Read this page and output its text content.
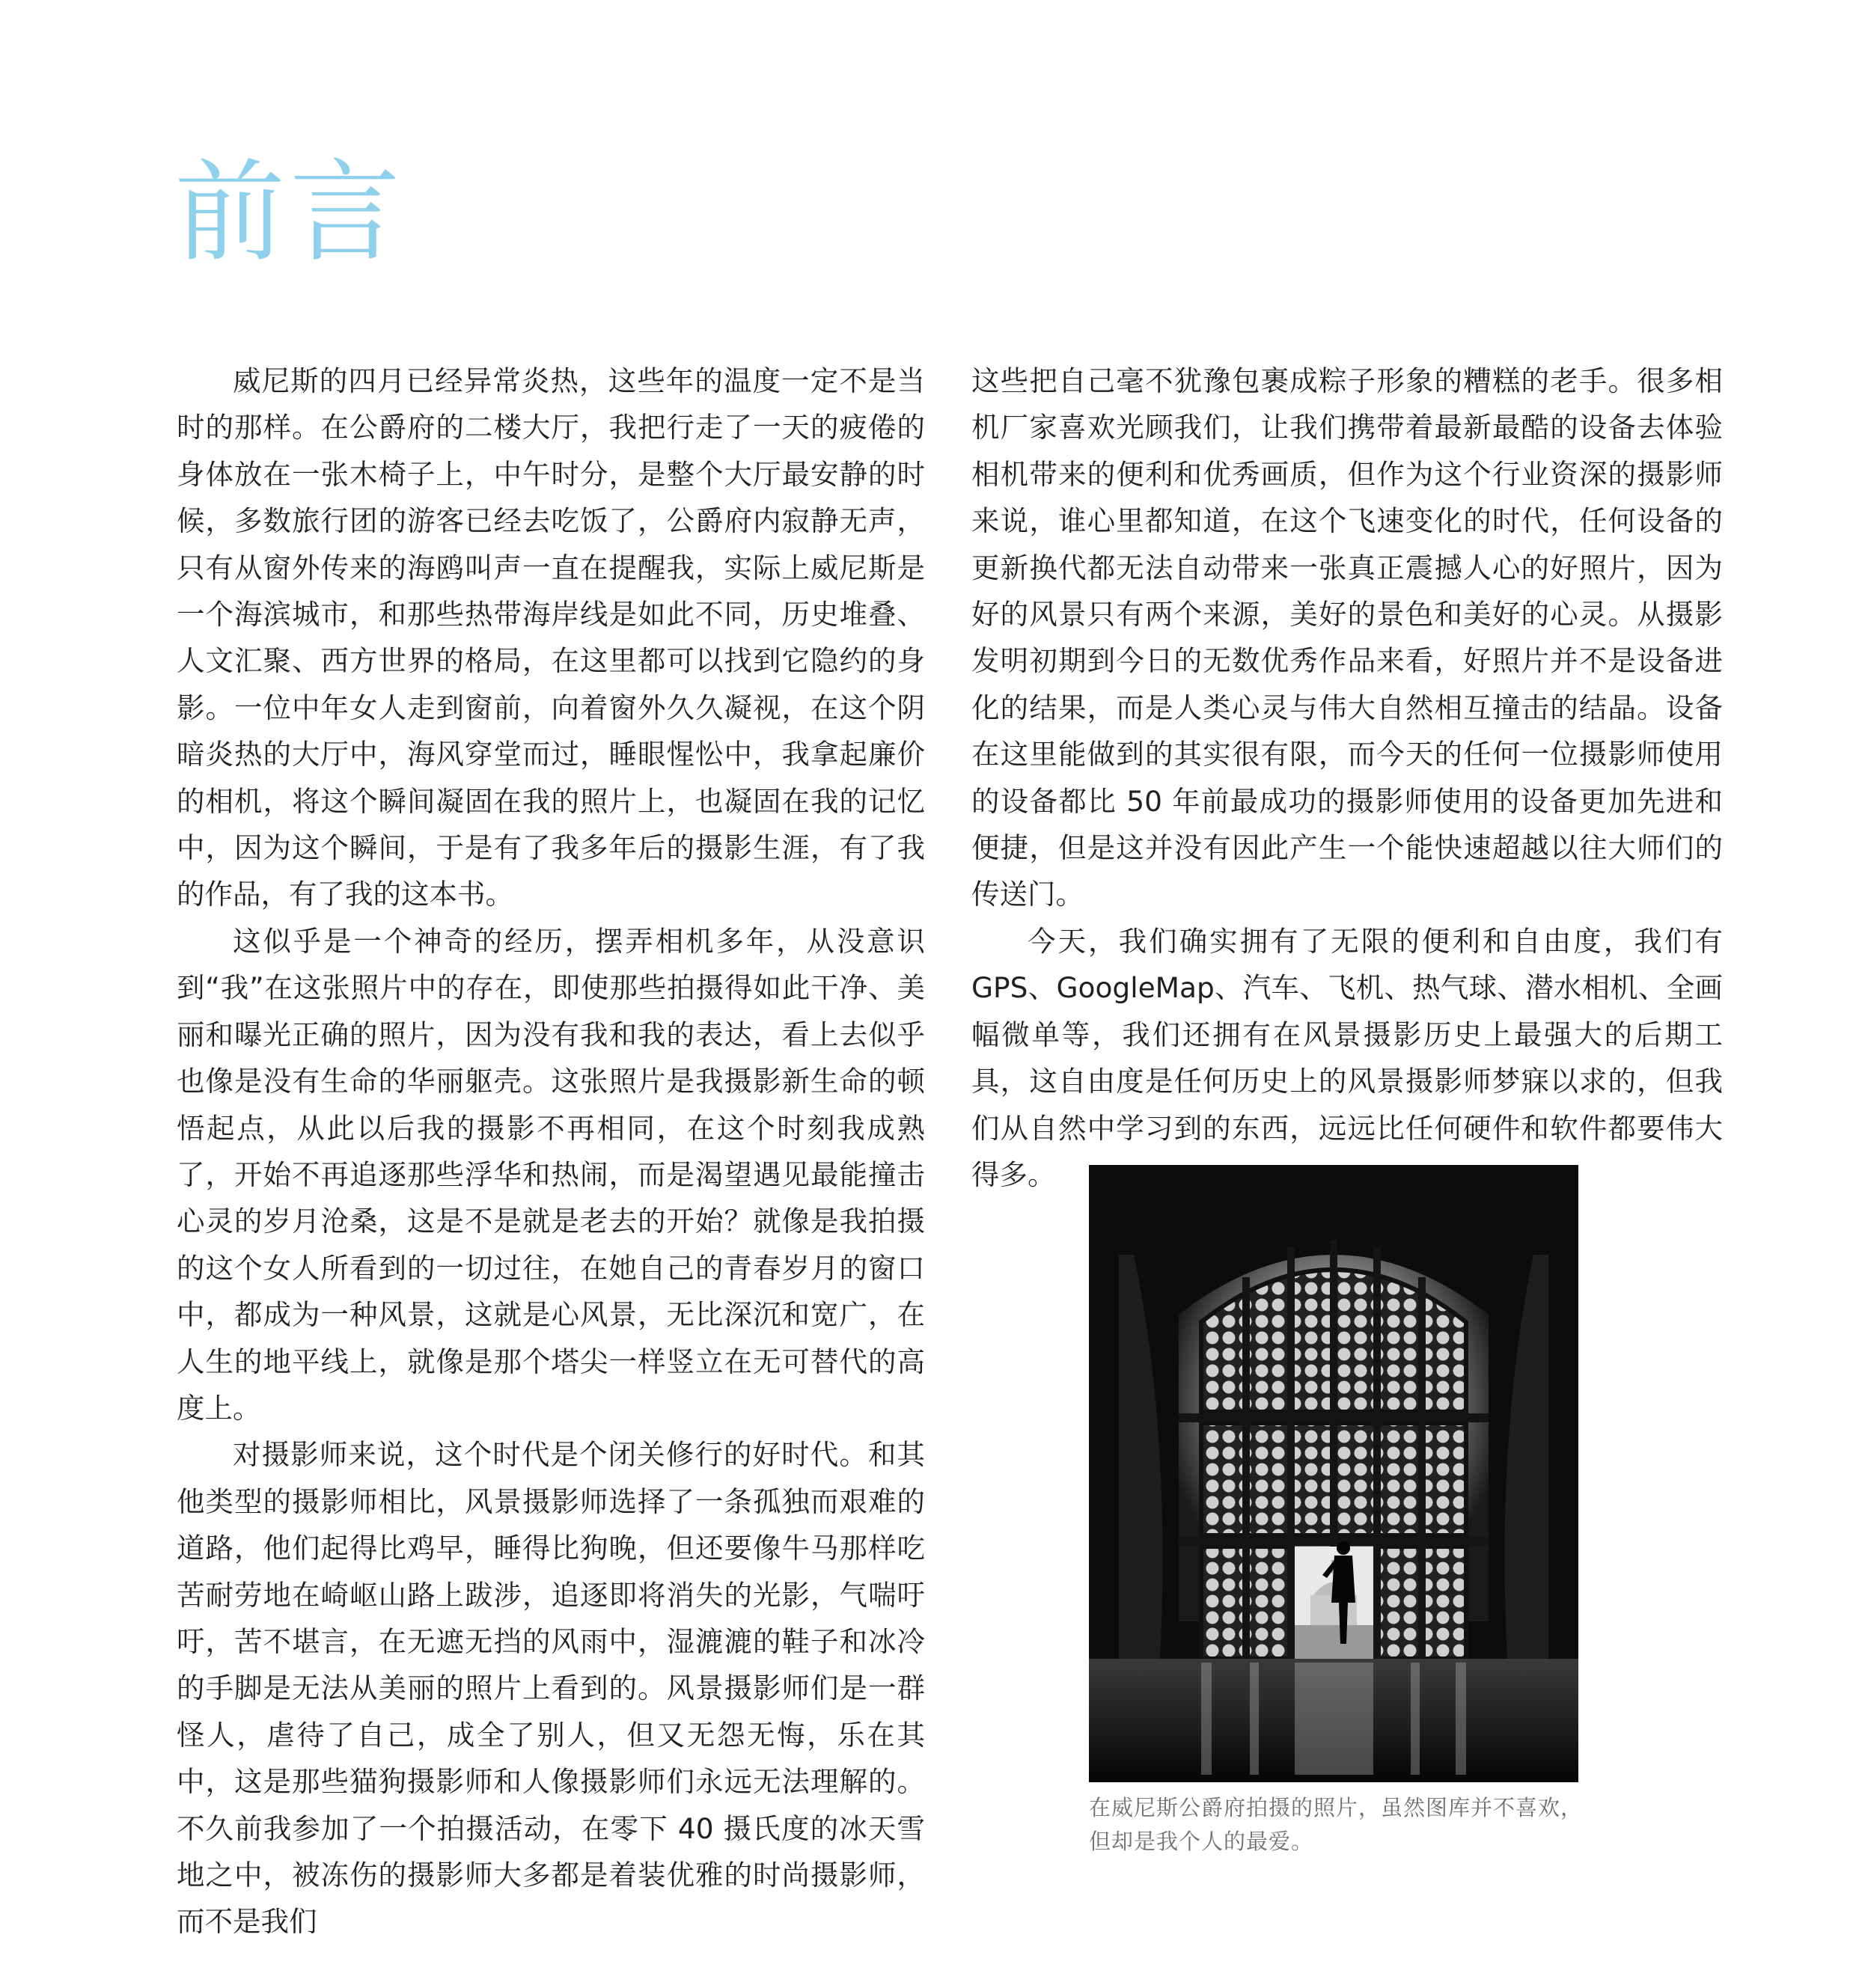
前言

威尼斯的四月已经异常炎热，这些年的温度一定不是当时的那样。在公爵府的二楼大厅，我把行走了一天的疲倦的身体放在一张木椅子上，中午时分，是整个大厅最安静的时候，多数旅行团的游客已经去吃饭了，公爵府内寂静无声，只有从窗外传来的海鸥叫声一直在提醒我，实际上威尼斯是一个海滨城市，和那些热带海岸线是如此不同，历史堆叠、人文汇聚、西方世界的格局，在这里都可以找到它隐约的身影。一位中年女人走到窗前，向着窗外久久凝视，在这个阴暗炎热的大厅中，海风穿堂而过，睡眼惺忪中，我拿起廉价的相机，将这个瞬间凝固在我的照片上，也凝固在我的记忆中，因为这个瞬间，于是有了我多年后的摄影生涯，有了我的作品，有了我的这本书。

这似乎是一个神奇的经历，摆弄相机多年，从没意识到“我”在这张照片中的存在，即使那些拍摄得如此干净、美丽和曝光正确的照片，因为没有我和我的表达，看上去似乎也像是没有生命的华丽躯壳。这张照片是我摄影新生命的顿悟起点，从此以后我的摄影不再相同，在这个时刻我成熟了，开始不再追逐那些浮华和热闹，而是渴望遇见最能撞击心灵的岁月沧桑，这是不是就是老去的开始？就像是我拍摄的这个女人所看到的一切过往，在她自己的青春岁月的窗口中，都成为一种风景，这就是心风景，无比深沉和宽广，在人生的地平线上，就像是那个塔尖一样竖立在无可替代的高度上。

对摄影师来说，这个时代是个闭关修行的好时代。和其他类型的摄影师相比，风景摄影师选择了一条孤独而艰难的道路，他们起得比鸡早，睡得比狗晚，但还要像牛马那样吃苦耐劳地在崎岖山路上跋涉，追逐即将消失的光影，气喘吁吁，苦不堪言，在无遮无挡的风雨中，湿漉漉的鞋子和冰冷的手脚是无法从美丽的照片上看到的。风景摄影师们是一群怪人，虐待了自己，成全了别人，但又无怨无悔，乐在其中，这是那些猫狗摄影师和人像摄影师们永远无法理解的。不久前我参加了一个拍摄活动，在零下 40 摄氏度的冰天雪地之中，被冻伤的摄影师大多都是着装优雅的时尚摄影师，而不是我们

这些把自己毫不犹豫包裹成粽子形象的糟糕的老手。很多相机厂家喜欢光顾我们，让我们携带着最新最酷的设备去体验相机带来的便利和优秀画质，但作为这个行业资深的摄影师来说，谁心里都知道，在这个飞速变化的时代，任何设备的更新换代都无法自动带来一张真正震撼人心的好照片，因为好的风景只有两个来源，美好的景色和美好的心灵。从摄影发明初期到今日的无数优秀作品来看，好照片并不是设备进化的结果，而是人类心灵与伟大自然相互撞击的结晶。设备在这里能做到的其实很有限，而今天的任何一位摄影师使用的设备都比 50 年前最成功的摄影师使用的设备更加先进和便捷，但是这并没有因此产生一个能快速超越以往大师们的传送门。

今天，我们确实拥有了无限的便利和自由度，我们有 GPS、GoogleMap、汽车、飞机、热气球、潜水相机、全画幅微单等，我们还拥有在风景摄影历史上最强大的后期工具，这自由度是任何历史上的风景摄影师梦寐以求的，但我们从自然中学习到的东西，远远比任何硬件和软件都要伟大得多。

在威尼斯公爵府拍摄的照片，虽然图库并不喜欢，
但却是我个人的最爱。
